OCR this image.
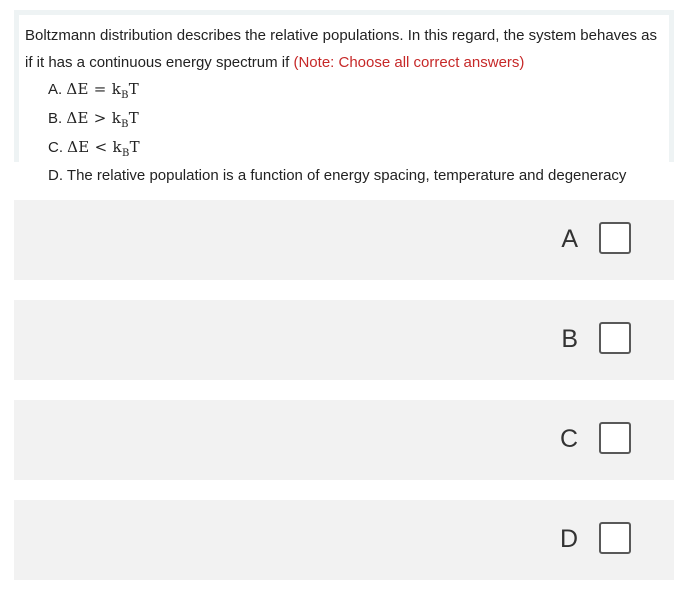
Boltzmann distribution describes the relative populations. In this regard, the system behaves as if it has a continuous energy spectrum if (Note: Choose all correct answers)

A. $\Delta E = k_BT$
B. $\Delta E > k_BT$
C. $\Delta E < k_BT$
D. The relative population is a function of energy spacing, temperature and degeneracy
A
B
C
D
